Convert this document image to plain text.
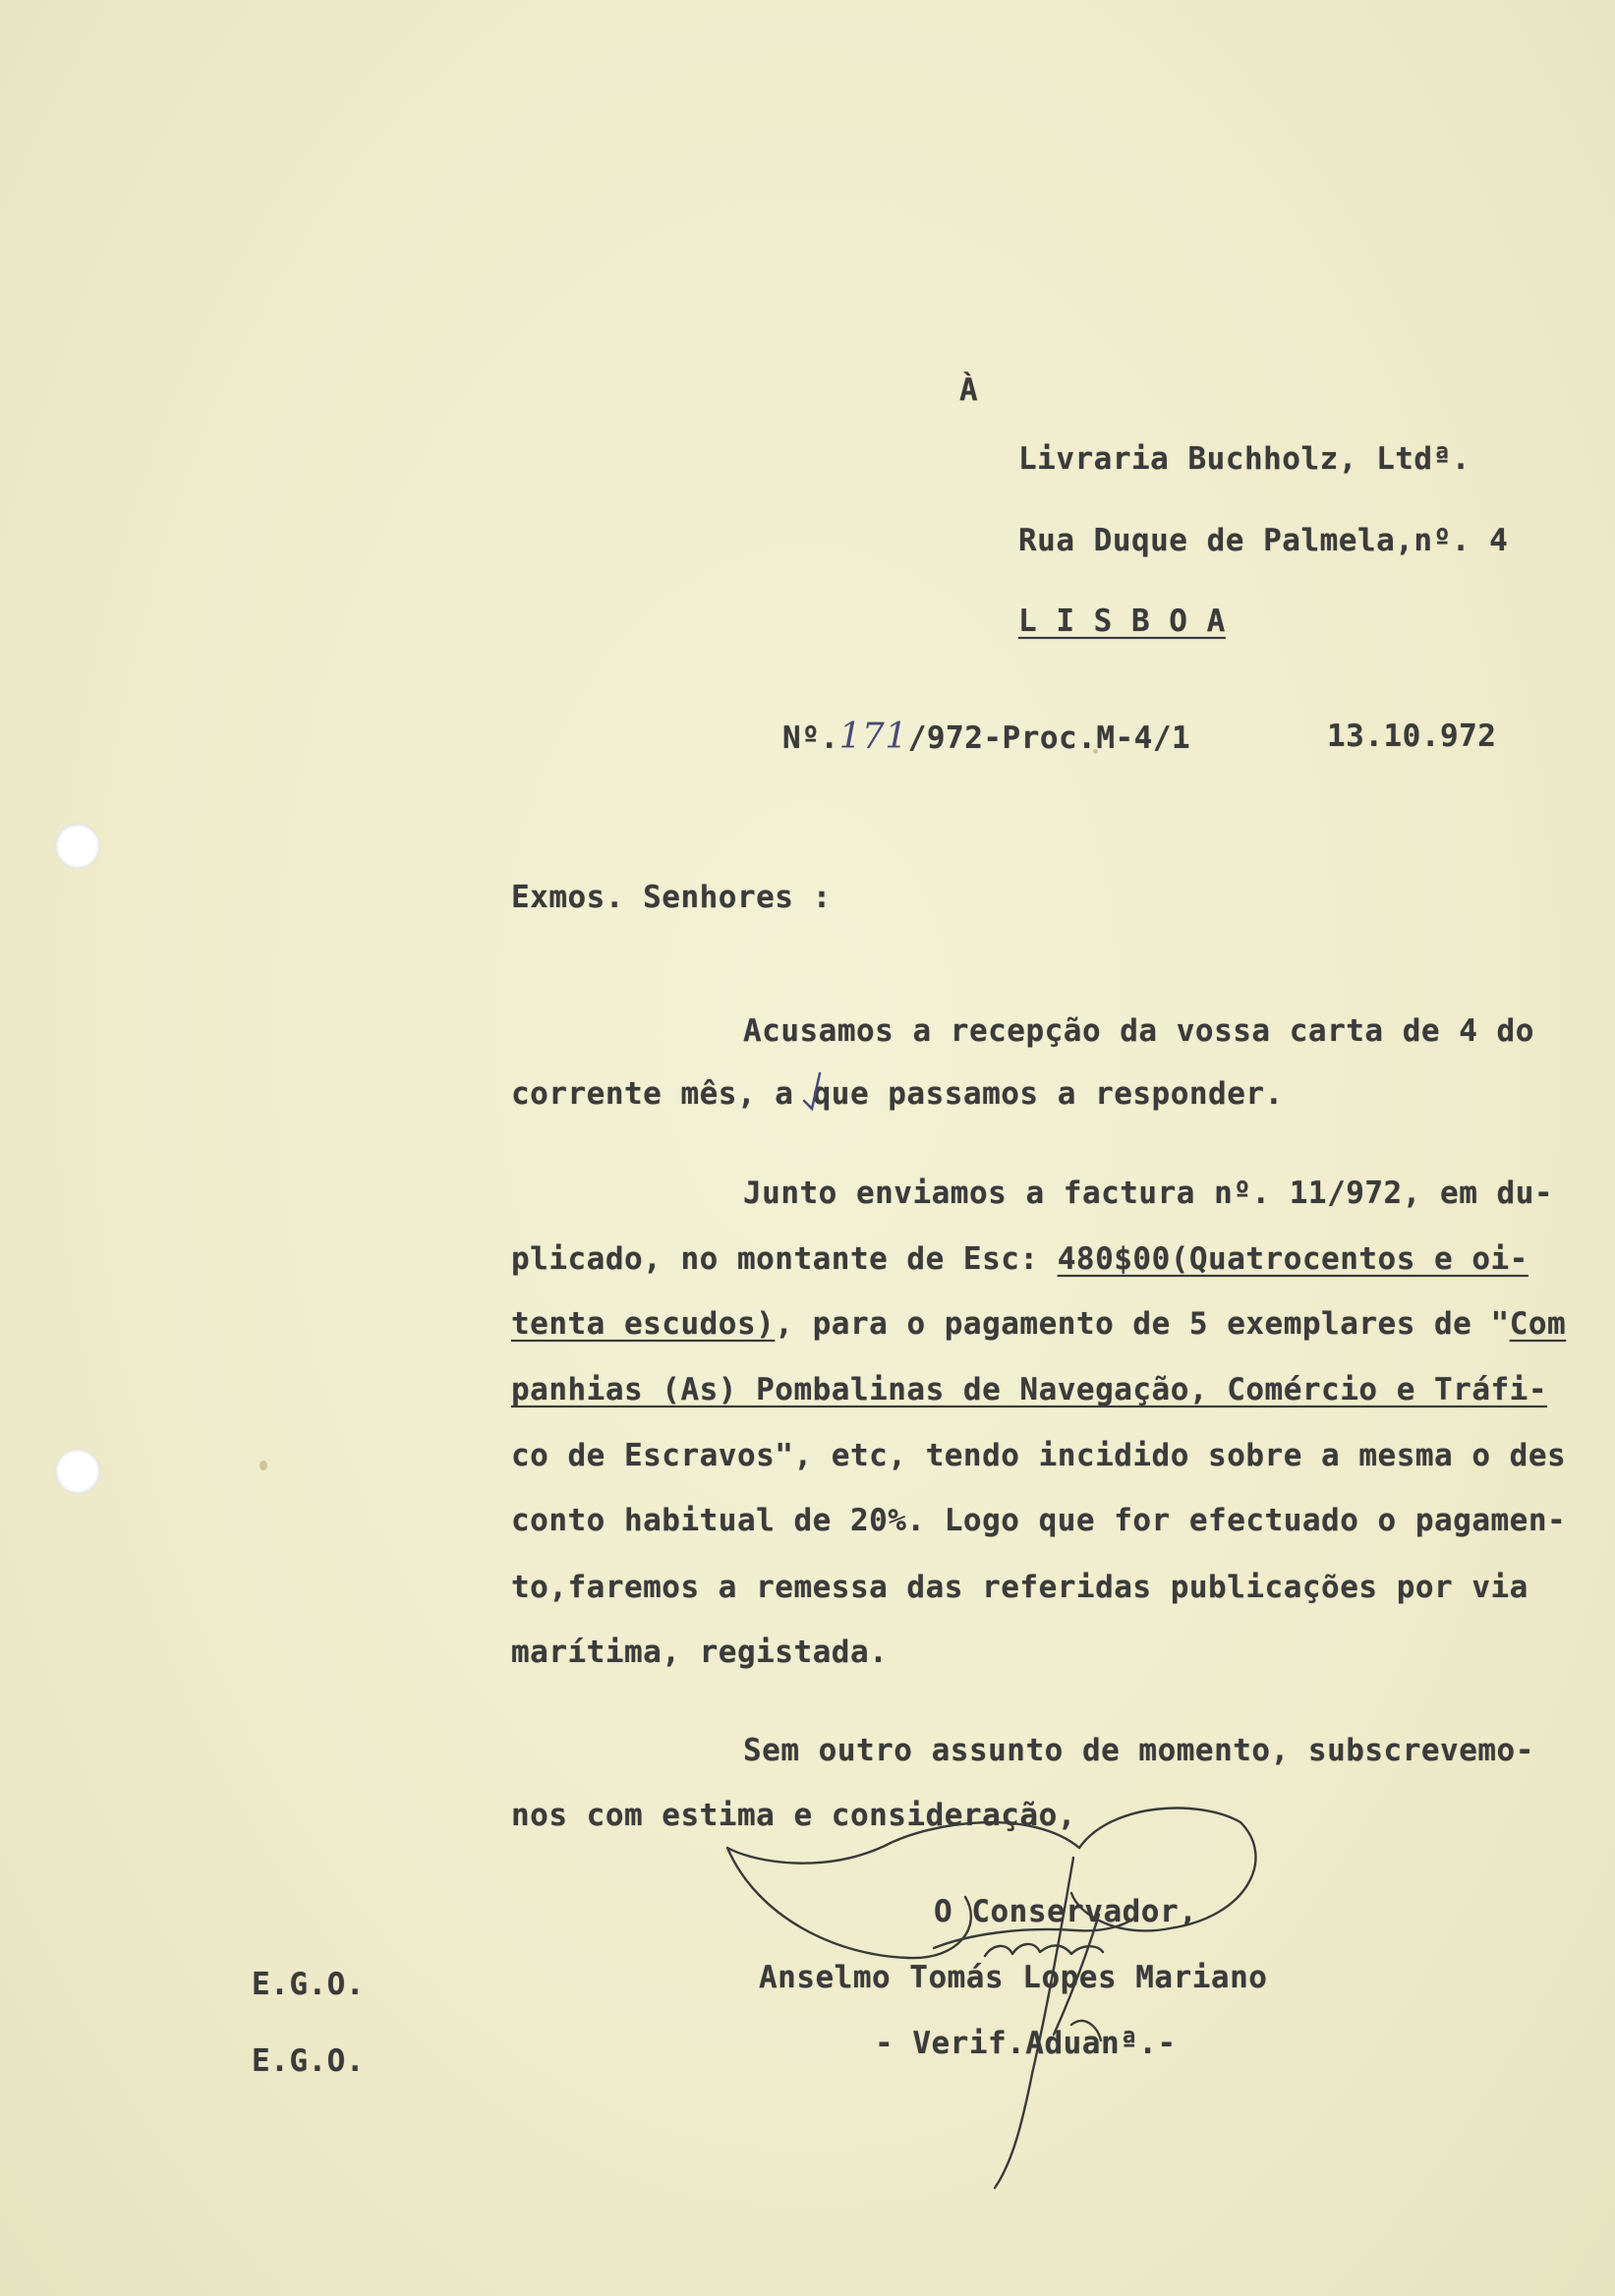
À
Livraria Buchholz, Ltdª.
Rua Duque de Palmela,nº. 4
L I S B O A
Nº.171/972-Proc.M-4/1	13.10.972
Exmos. Senhores :
Acusamos a recepção da vossa carta de 4 do
corrente mês, a que passamos a responder.
Junto enviamos a factura nº. 11/972, em du-
plicado, no montante de Esc: 480$00(Quatrocentos e oi-
tenta escudos), para o pagamento de 5 exemplares de "Com
panhias (As) Pombalinas de Navegação, Comércio e Tráfi-
co de Escravos", etc, tendo incidido sobre a mesma o des
conto habitual de 20%. Logo que for efectuado o pagamen-
to,faremos a remessa das referidas publicações por via
marítima, registada.
Sem outro assunto de momento, subscrevemo-
nos com estima e consideração,
O Conservador,
Anselmo Tomás Lopes Mariano
- Verif.Aduanª.-
E.G.O.
E.G.O.
